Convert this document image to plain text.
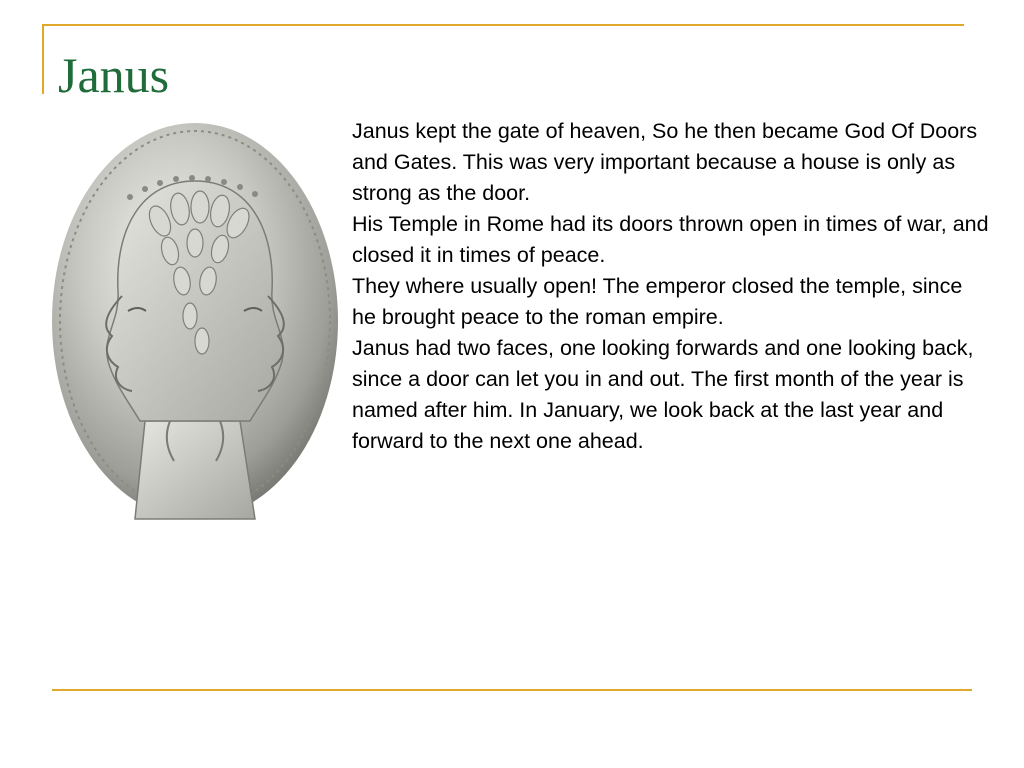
Janus

Janus kept the gate of heaven, So he then became God Of Doors and Gates. This was very important because a house is only as strong as the door.

His Temple in Rome had its doors thrown open in times of war, and closed it in times of peace.

They where usually open! The emperor closed the temple, since he brought peace to the roman empire.

Janus had two faces, one looking forwards and one looking back, since a door can let you in and out. The first month of the year is named after him. In January, we look back at the last year and forward to the next one ahead.
